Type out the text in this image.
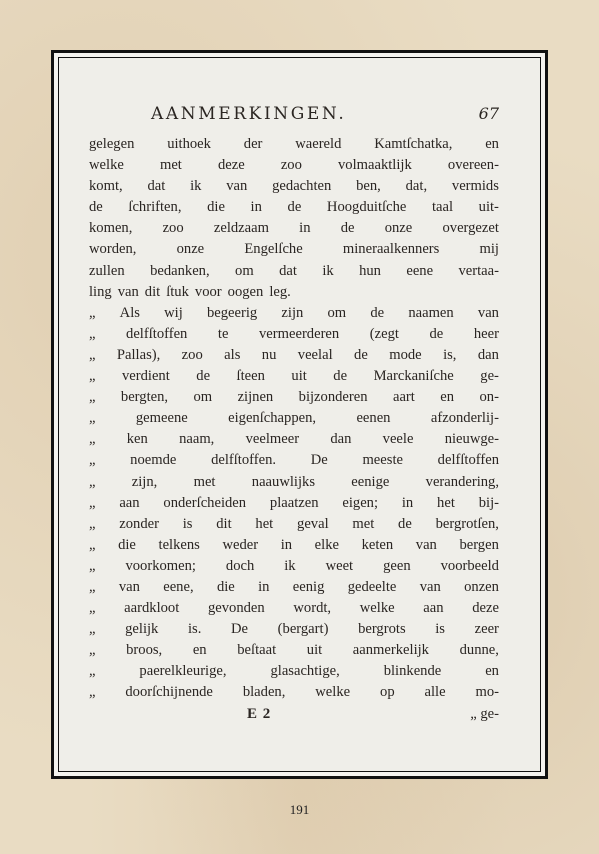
AANMERKINGEN.	67
gelegen uithoek der waereld Kamtſchatka, en
welke met deze zoo volmaaktlijk overeen-
komt, dat ik van gedachten ben, dat, vermids
de ſchriften, die in de Hoogduitſche taal uit-
komen, zoo zeldzaam in de onze overgezet
worden,	onze	Engelſche	mineraalkenners	mij
zullen bedanken, om dat ik hun eene vertaa-
ling van dit ſtuk voor oogen leg.
„ Als wij begeerig zijn om de naamen van
„ delfſtoffen te vermeerderen (zegt de heer
„ Pallas), zoo als nu veelal de mode is, dan
„ verdient de ſteen uit de Marckaniſche ge-
„ bergten, om zijnen bijzonderen aart en on-
„	gemeene	eigenſchappen,	eenen	afzonderlij-
„ ken naam, veelmeer dan veele nieuwge-
„ noemde delfſtoffen. De meeste delfſtoffen
„ zijn, met naauwlijks eenige verandering,
„ aan onderſcheiden plaatzen eigen; in het bij-
„ zonder is dit het geval met de bergrotſen,
„ die telkens weder in elke keten van bergen
„ voorkomen; doch ik weet geen voorbeeld
„ van eene, die in eenig gedeelte van onzen
„ aardkloot gevonden wordt, welke aan deze
„ gelijk is. De (bergart) bergrots is zeer
„ broos, en beſtaat uit aanmerkelijk dunne,
„	paerelkleurige,	glasachtige,	blinkende	en
„ doorſchijnende bladen, welke op alle mo-
E 2	„ ge-
191
